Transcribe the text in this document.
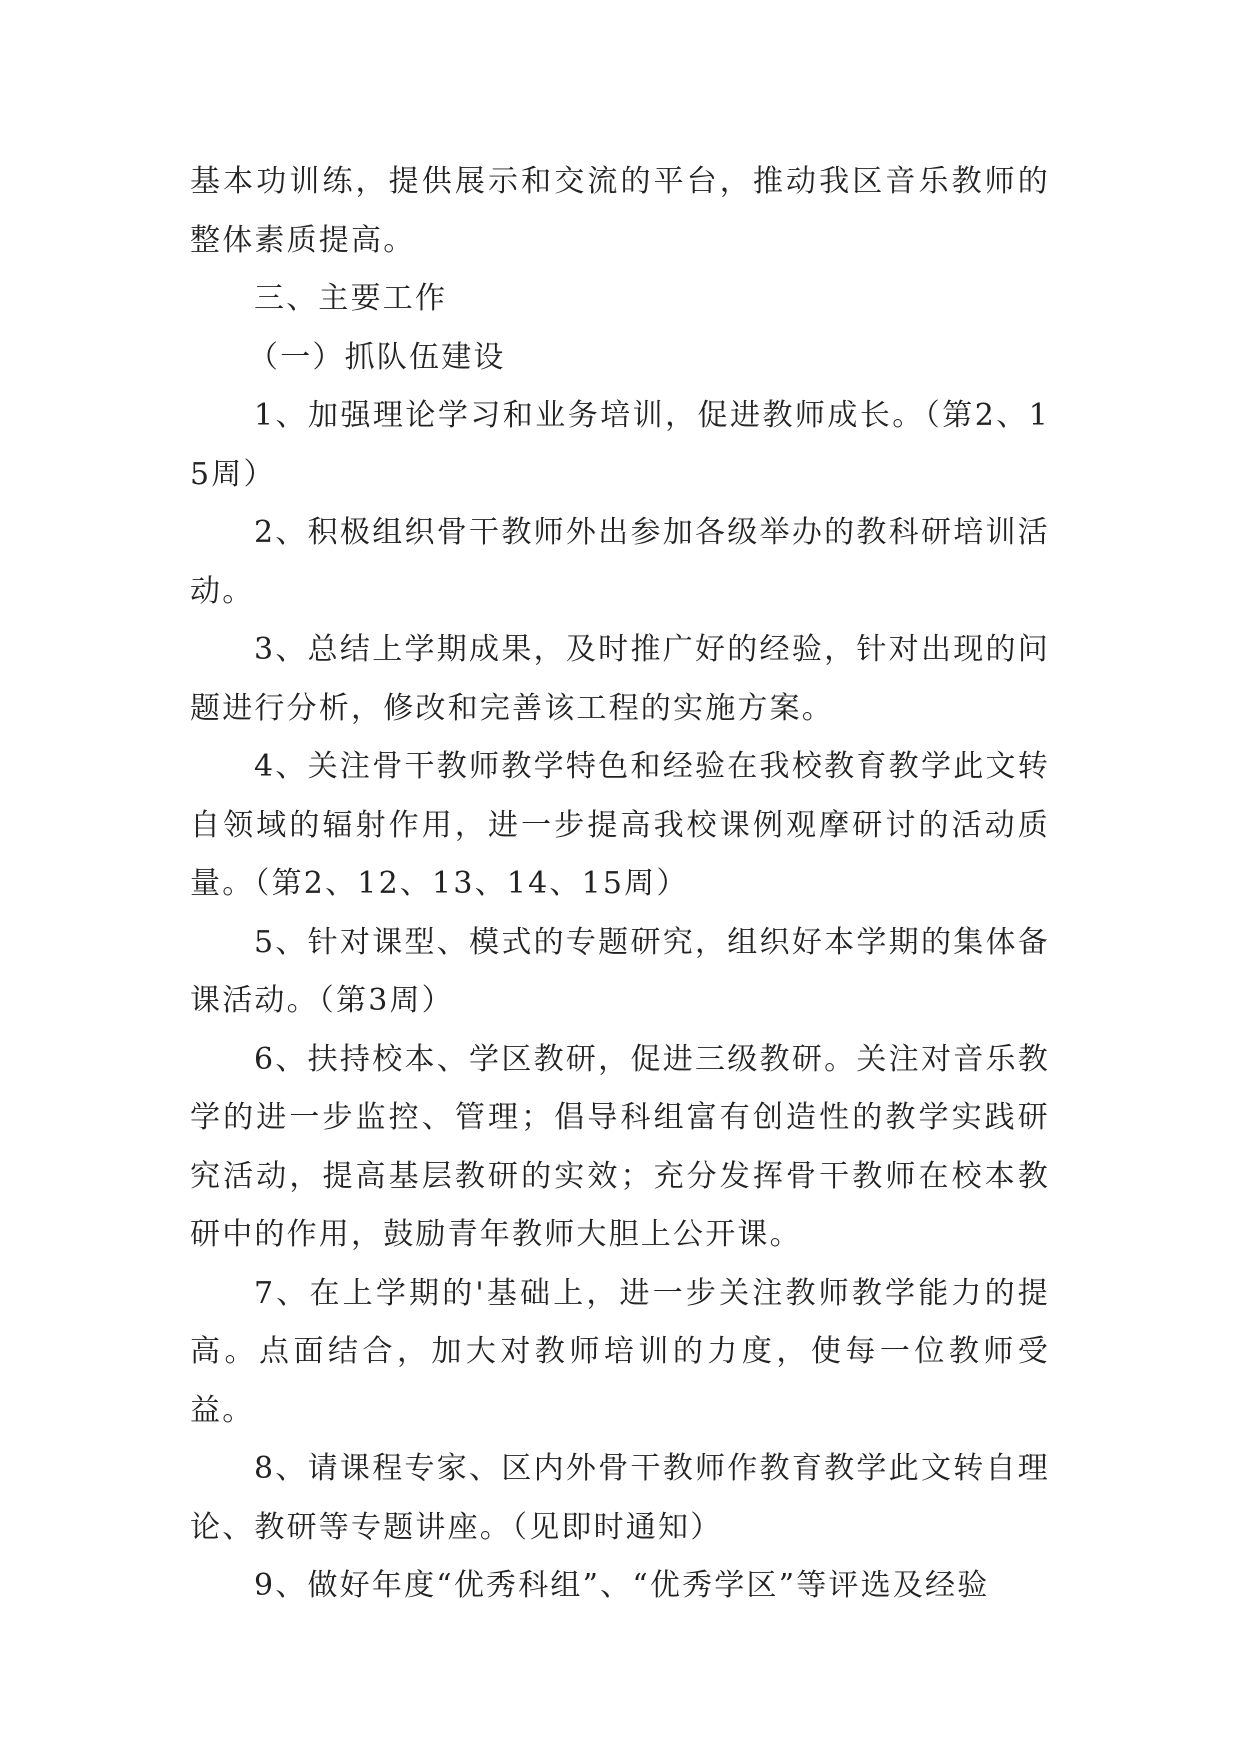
基本功训练，提供展示和交流的平台，推动我区音乐教师的整体素质提高。

三、主要工作

（一）抓队伍建设

1、加强理论学习和业务培训，促进教师成长。（第2、15周）

2、积极组织骨干教师外出参加各级举办的教科研培训活动。

3、总结上学期成果，及时推广好的经验，针对出现的问题进行分析，修改和完善该工程的实施方案。

4、关注骨干教师教学特色和经验在我校教育教学此文转自领域的辐射作用，进一步提高我校课例观摩研讨的活动质量。（第2、12、13、14、15周）

5、针对课型、模式的专题研究，组织好本学期的集体备课活动。（第3周）

6、扶持校本、学区教研，促进三级教研。关注对音乐教学的进一步监控、管理；倡导科组富有创造性的教学实践研究活动，提高基层教研的实效；充分发挥骨干教师在校本教研中的作用，鼓励青年教师大胆上公开课。

7、在上学期的'基础上，进一步关注教师教学能力的提高。点面结合，加大对教师培训的力度，使每一位教师受益。

8、请课程专家、区内外骨干教师作教育教学此文转自理论、教研等专题讲座。（见即时通知）

9、做好年度“优秀科组”、“优秀学区”等评选及经验
